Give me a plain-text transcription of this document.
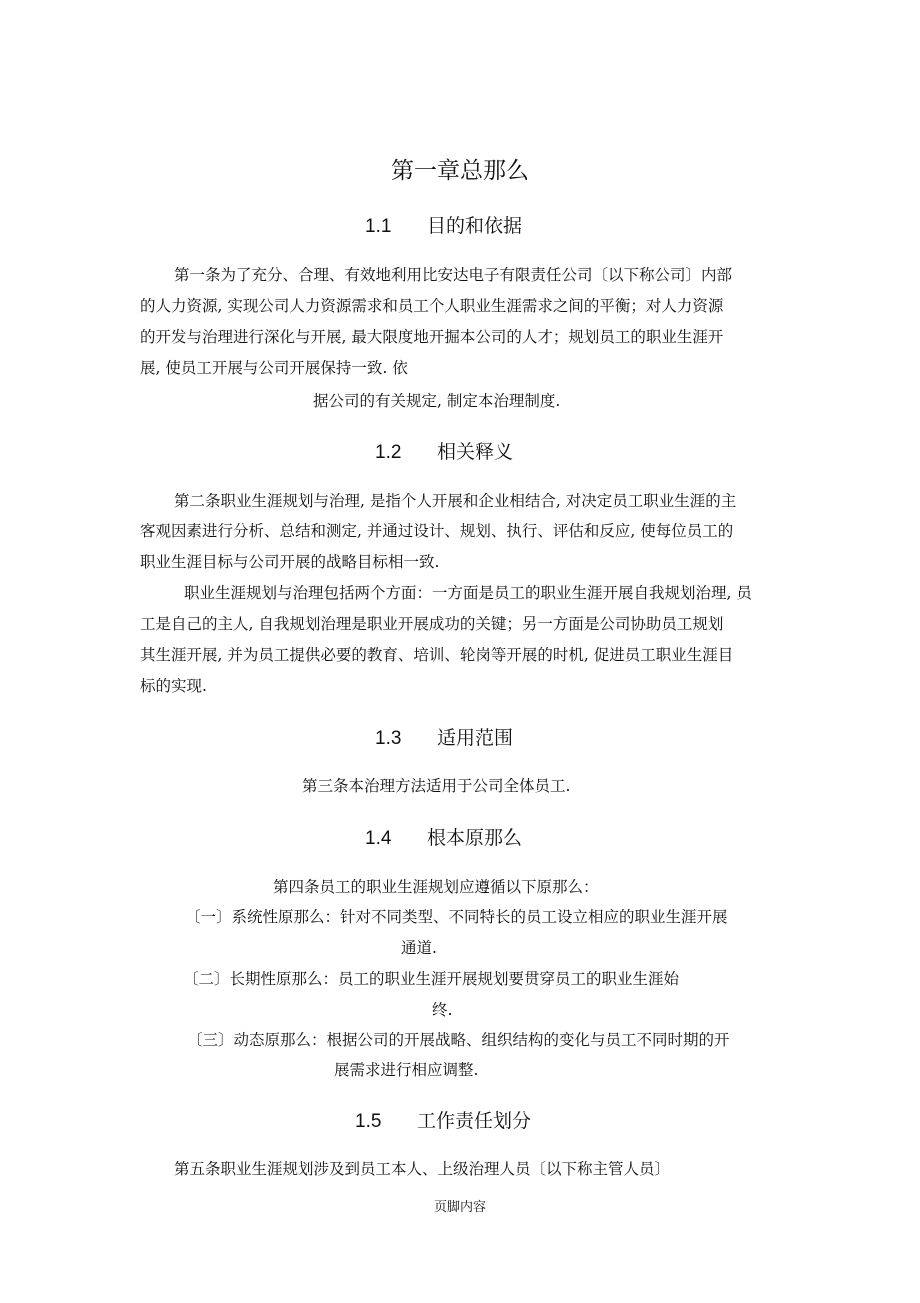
第一章总那么
1.1 目的和依据

第一条为了充分、合理、有效地利用比安达电子有限责任公司〔以下称公司〕内部

的人力资源, 实现公司人力资源需求和员工个人职业生涯需求之间的平衡；对人力资源

的开发与治理进行深化与开展, 最大限度地开掘本公司的人才；规划员工的职业生涯开

展, 使员工开展与公司开展保持一致. 依

据公司的有关规定, 制定本治理制度.

1.2 相关释义

第二条职业生涯规划与治理, 是指个人开展和企业相结合, 对决定员工职业生涯的主

客观因素进行分析、总结和测定, 并通过设计、规划、执行、评估和反应, 使每位员工的

职业生涯目标与公司开展的战略目标相一致.

职业生涯规划与治理包括两个方面：一方面是员工的职业生涯开展自我规划治理, 员

工是自己的主人, 自我规划治理是职业开展成功的关键；另一方面是公司协助员工规划

其生涯开展, 并为员工提供必要的教育、培训、轮岗等开展的时机, 促进员工职业生涯目

标的实现.

1.3 适用范围

第三条本治理方法适用于公司全体员工.

1.4 根本原那么

第四条员工的职业生涯规划应遵循以下原那么：

〔一〕系统性原那么：针对不同类型、不同特长的员工设立相应的职业生涯开展

通道.

〔二〕长期性原那么：员工的职业生涯开展规划要贯穿员工的职业生涯始

终.

〔三〕动态原那么：根据公司的开展战略、组织结构的变化与员工不同时期的开

展需求进行相应调整.

1.5 工作责任划分

第五条职业生涯规划涉及到员工本人、上级治理人员〔以下称主管人员〕

页脚内容
